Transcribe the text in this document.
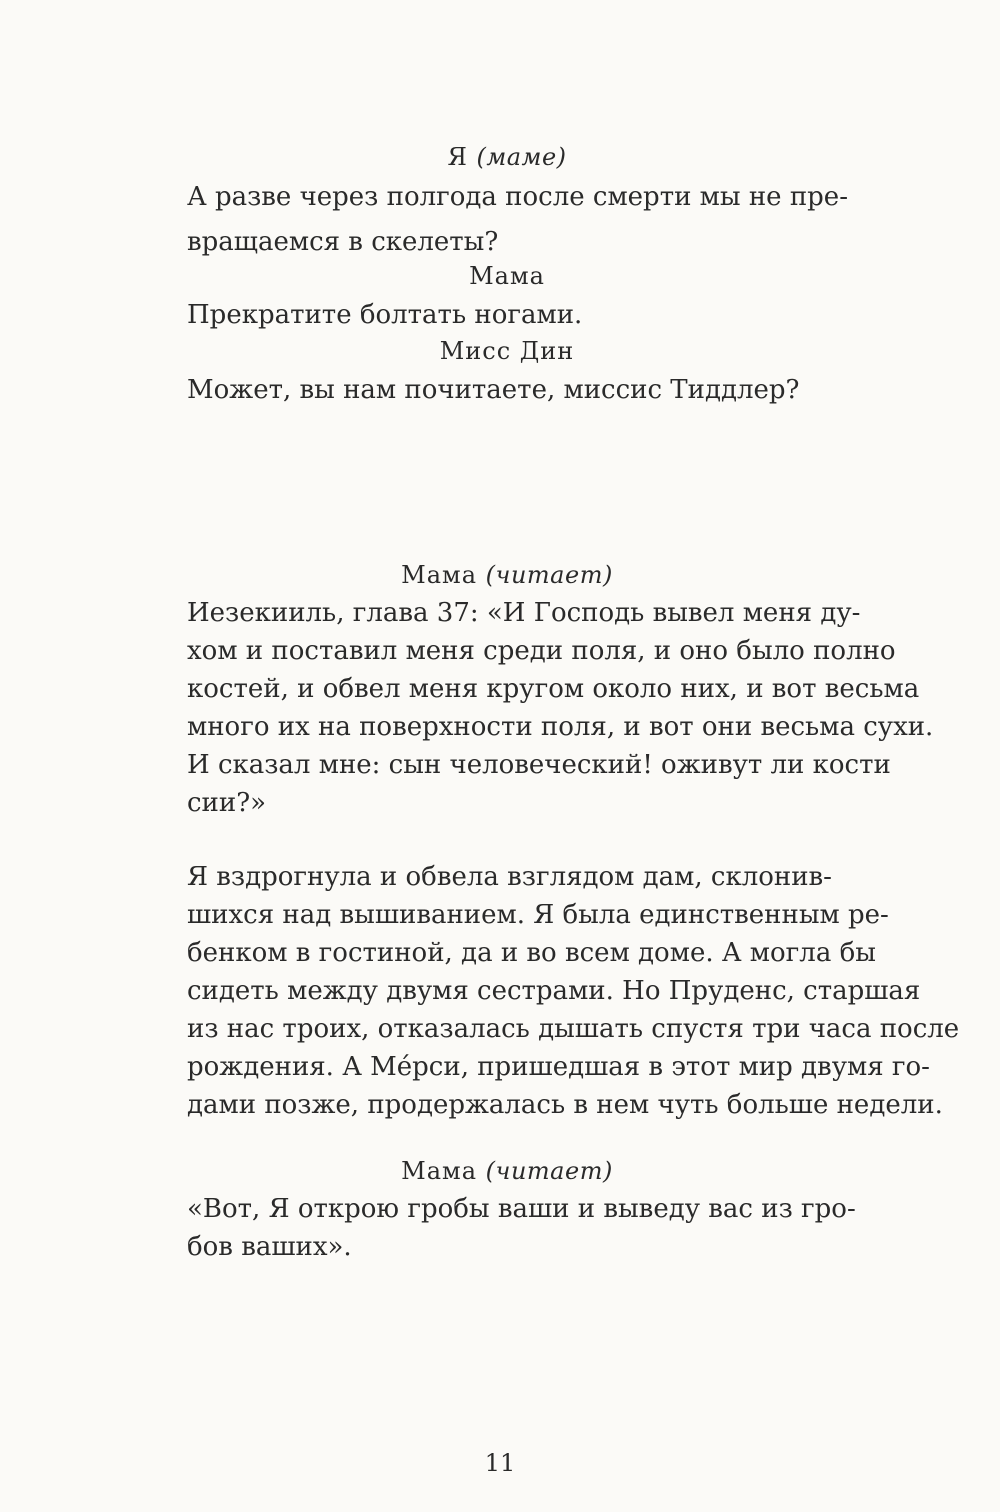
Я (маме)
А разве через полгода после смерти мы не пре-
вращаемся в скелеты?
Мама
Прекратите болтать ногами.
Мисс Дин
Может, вы нам почитаете, миссис Тиддлер?
Мама (читает)
Иезекииль, глава 37: «И Господь вывел меня ду-
хом и поставил меня среди поля, и оно было полно
костей, и обвел меня кругом около них, и вот весьма
много их на поверхности поля, и вот они весьма сухи.
И сказал мне: сын человеческий! оживут ли кости
сии?»
Я вздрогнула и обвела взглядом дам, склонив-
шихся над вышиванием. Я была единственным ре-
бенком в гостиной, да и во всем доме. А могла бы
сидеть между двумя сестрами. Но Пруденс, старшая
из нас троих, отказалась дышать спустя три часа после
рождения. А Мéрси, пришедшая в этот мир двумя го-
дами позже, продержалась в нем чуть больше недели.
Мама (читает)
«Вот, Я открою гробы ваши и выведу вас из гро-
бов ваших».
11
